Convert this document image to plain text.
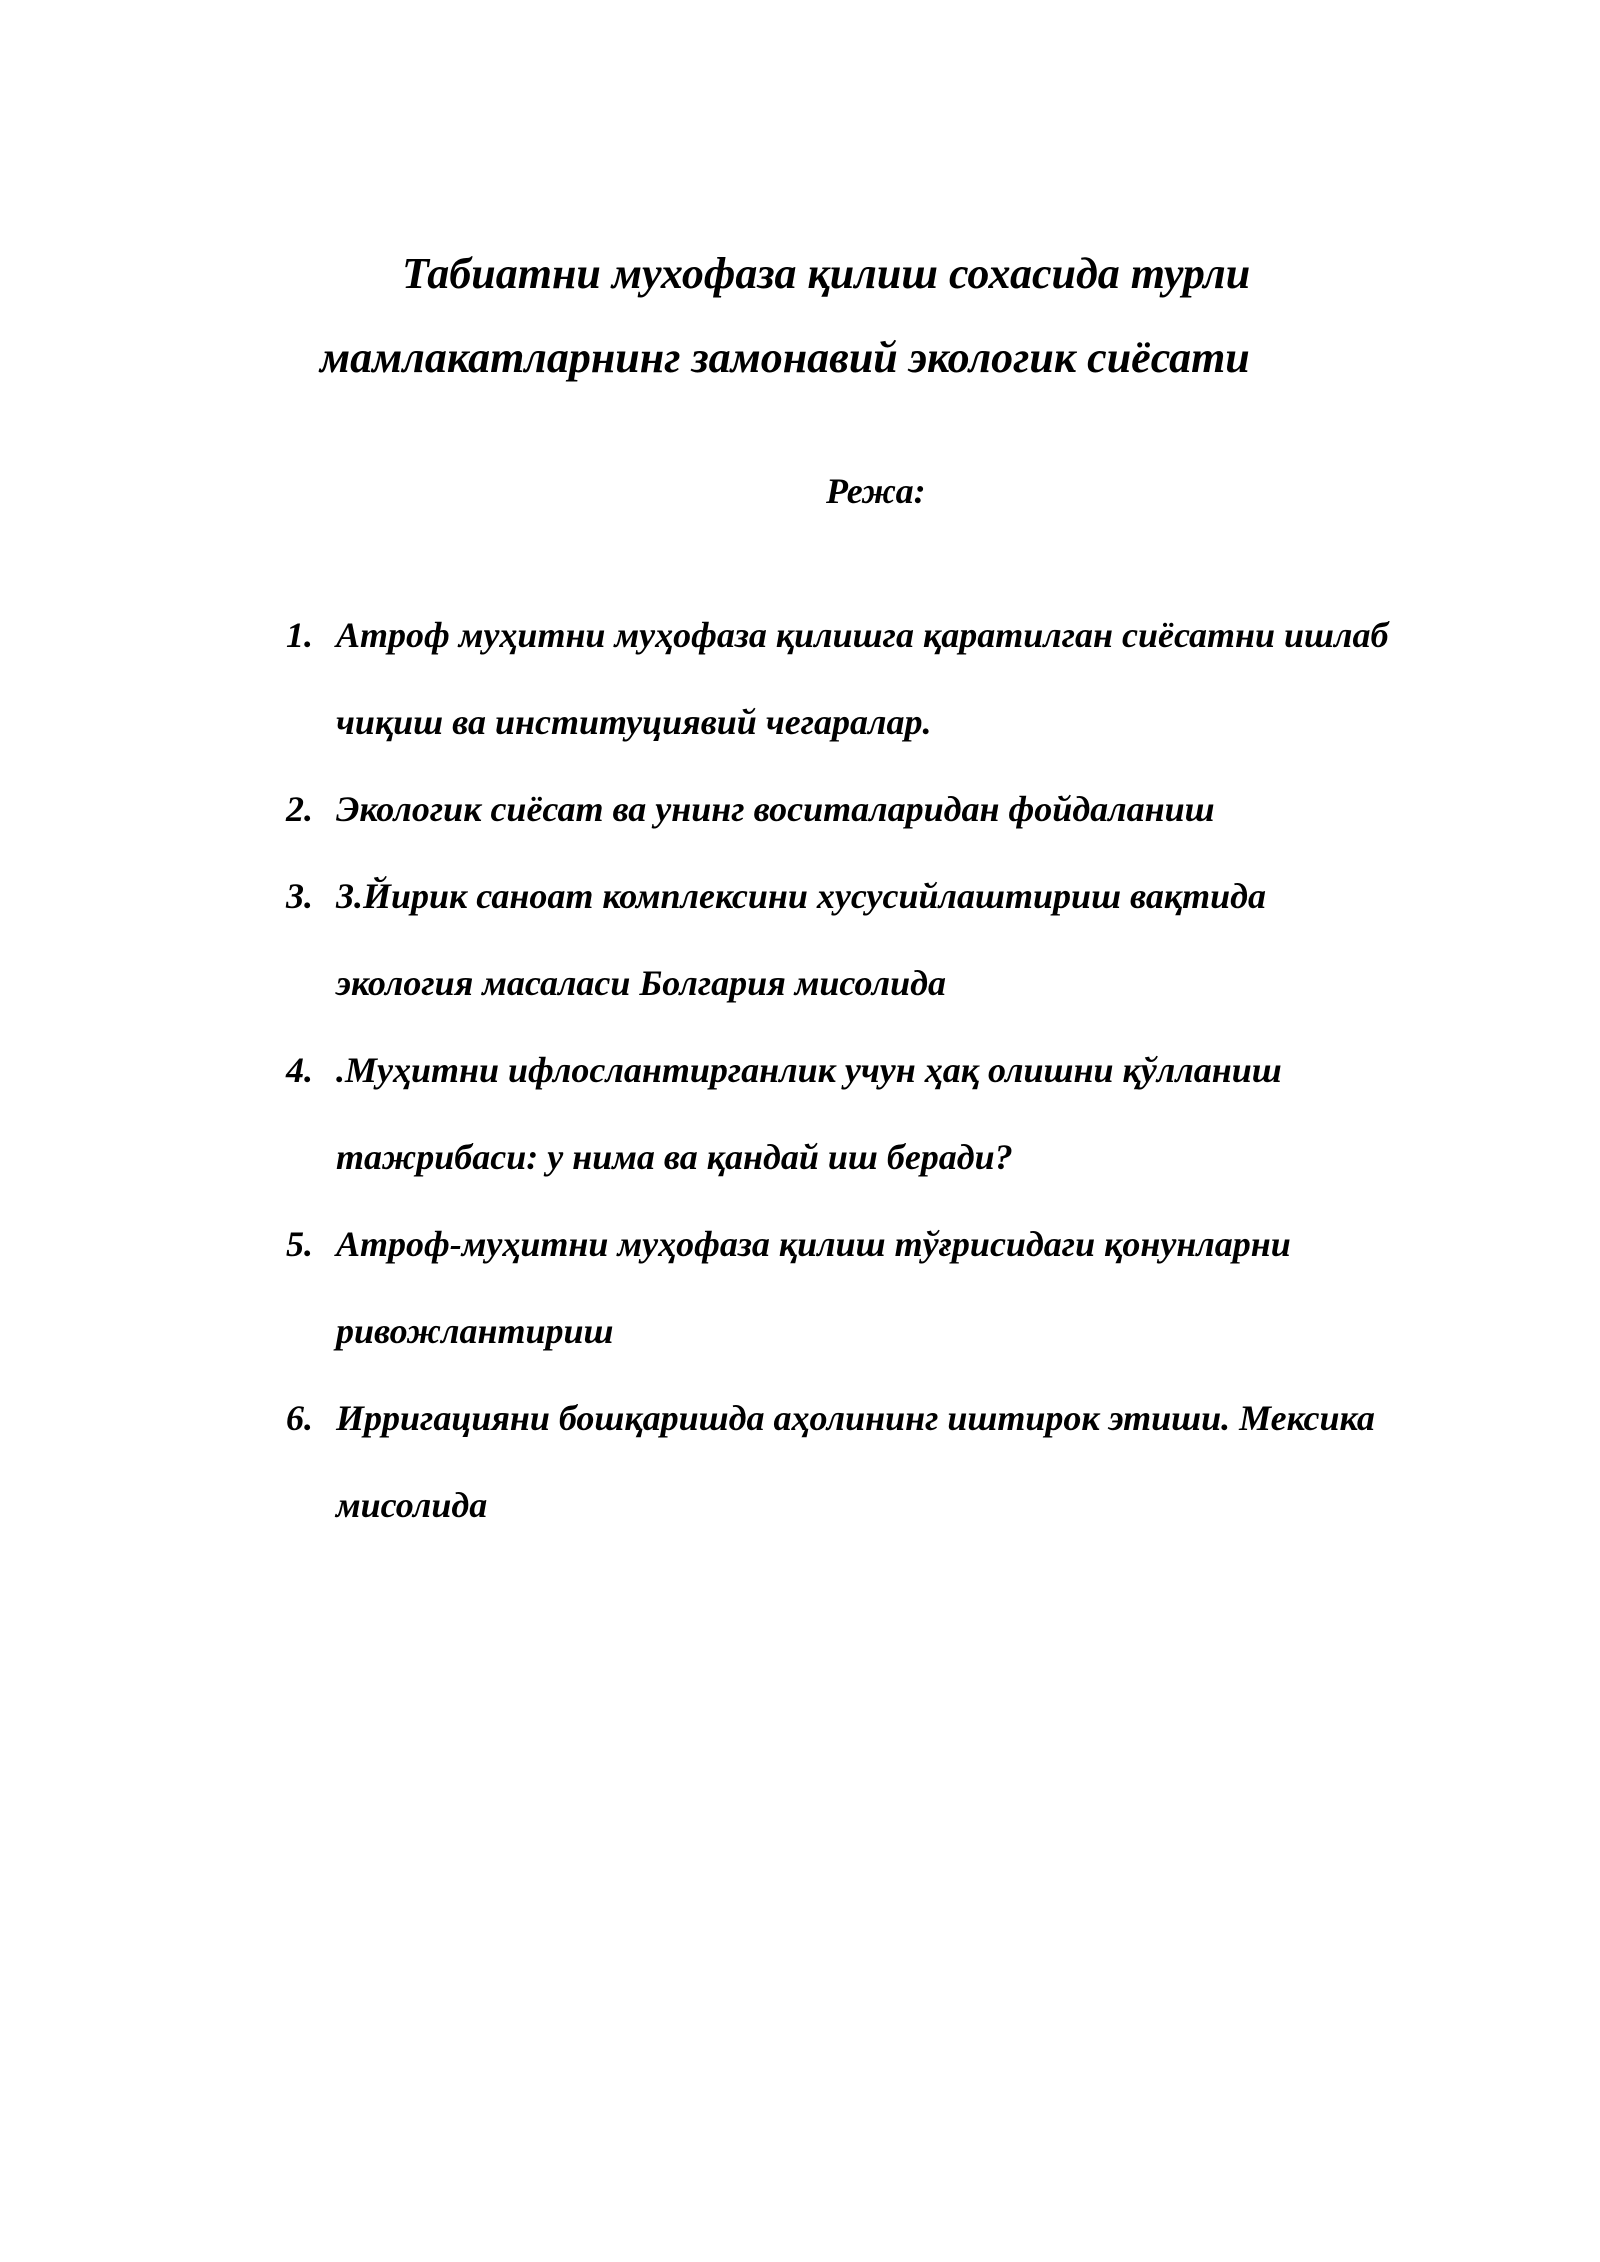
Табиатни мухофаза қилиш сохасида турли
мамлакатларнинг замонавий экологик сиёсати

Режа:

1. Атроф муҳитни муҳофаза қилишга қаратилган сиёсатни ишлаб
чиқиш ва институциявий чегаралар.
2. Экологик сиёсат ва унинг воситаларидан фойдаланиш
3. 3.Йирик саноат комплексини хусусийлаштириш вақтида
экология масаласи Болгария мисолида
4. .Муҳитни ифлослантирганлик учун ҳақ олишни қўлланиш
тажрибаси: у нима ва қандай иш беради?
5. Атроф-муҳитни муҳофаза қилиш тўғрисидаги қонунларни
ривожлантириш
6. Ирригацияни бошқаришда аҳолининг иштирок этиши. Мексика
мисолида
